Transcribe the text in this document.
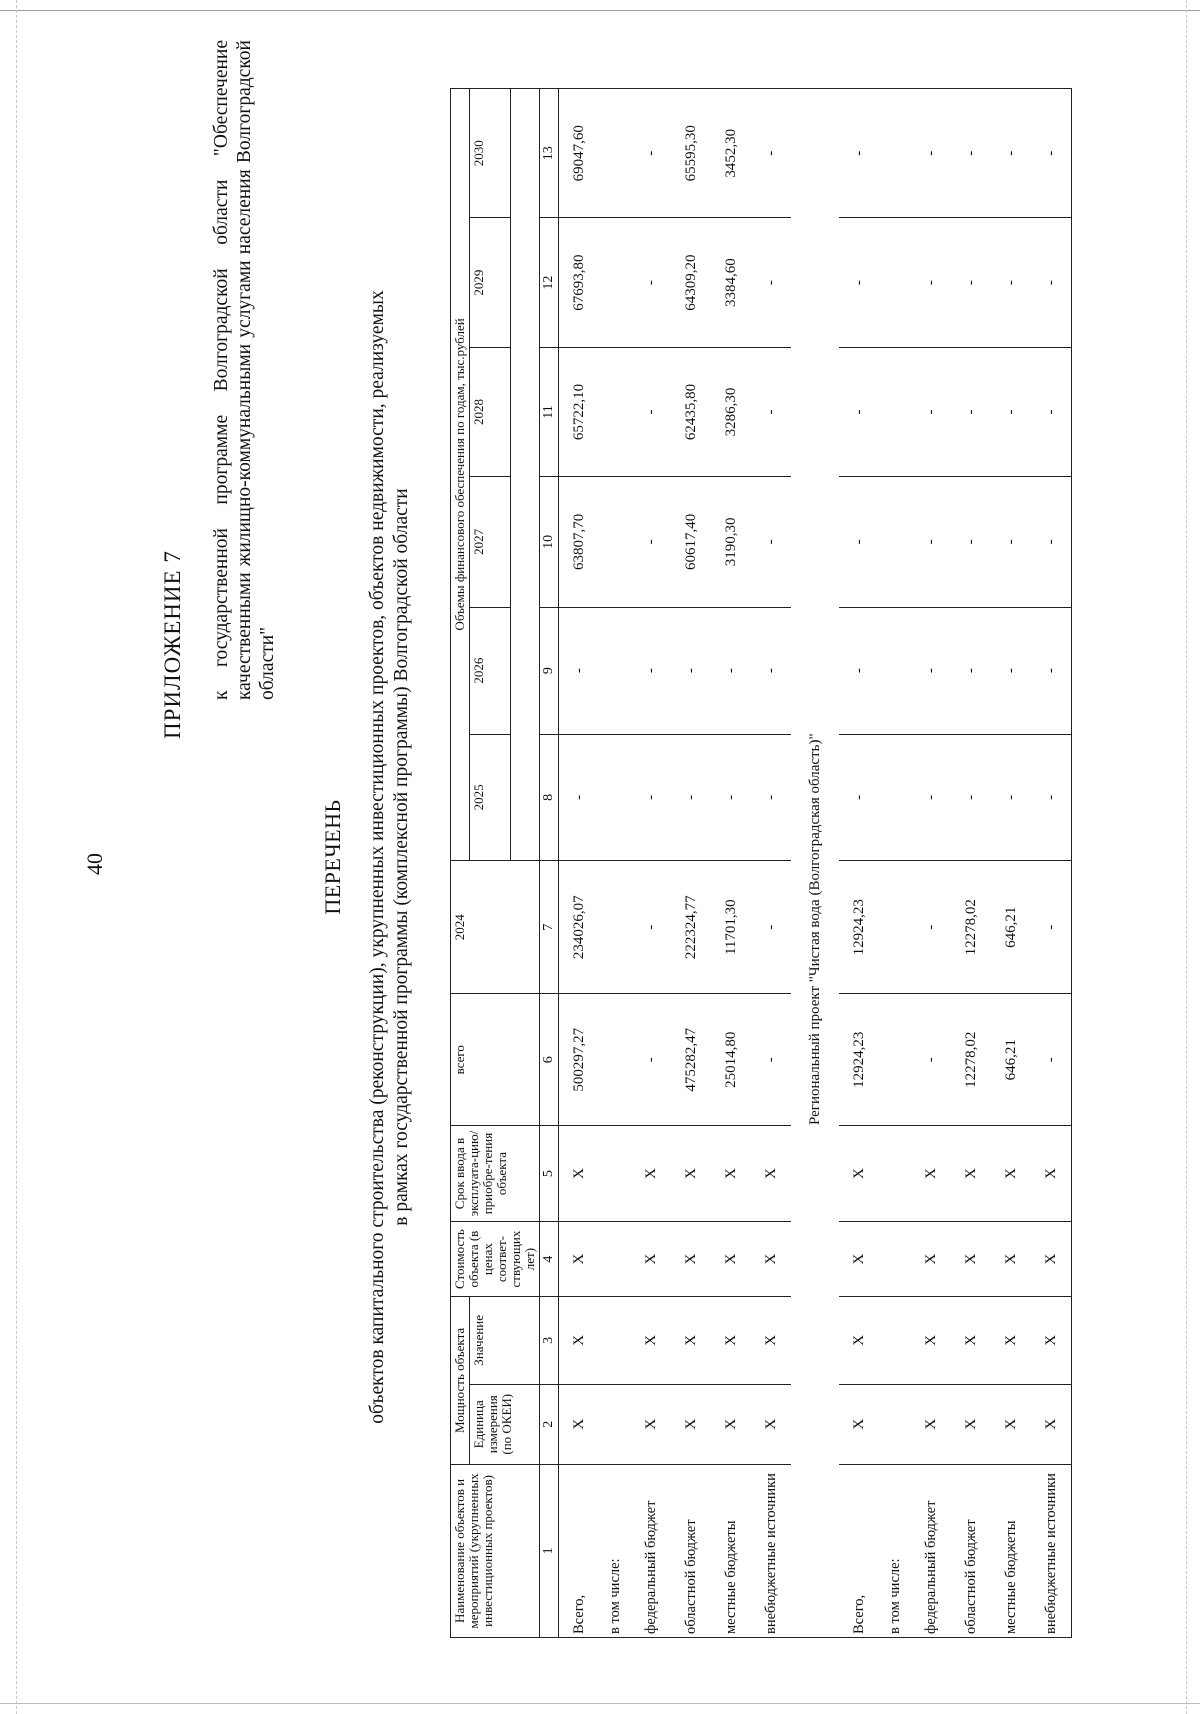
40
ПРИЛОЖЕНИЕ 7 к государственной программе Волгоградской области "Обеспечение качественными жилищно-коммунальными услугами населения Волгоградской области"
ПЕРЕЧЕНЬ объектов капитального строительства (реконструкции), укрупненных инвестиционных проектов, объектов недвижимости, реализуемых в рамках государственной программы (комплексной программы) Волгоградской области
Наименование объектов и мероприятий (укрупненных инвестиционных проектов)	Мощность объекта		Стоимость объекта (в ценах соответ-ствующих лет)	Срок ввода в эксплуата-цию/приобре-тения объекта	всего	2024	Объемы финансового обеспечения по годам, тыс.рублей					
	Единица измерения (по ОКЕИ)	Значение					2025	2026	2027	2028	2029	2030

1	2	3	4	5	6	7	8	9	10	11	12	13
Всего,	X	X	X	X	500297,27	234026,07	-	-	63807,70	65722,10	67693,80	69047,60
в том числе:												
федеральный бюджет	X	X	X	X	-	-	-	-	-	-	-	-
областной бюджет	X	X	X	X	475282,47	222324,77	-	-	60617,40	62435,80	64309,20	65595,30
местные бюджеты	X	X	X	X	25014,80	11701,30	-	-	3190,30	3286,30	3384,60	3452,30
внебюджетные источники	X	X	X	X	-	-	-	-	-	-	-	-
Региональный проект "Чистая вода (Волгоградская область)"												
Всего,	X	X	X	X	12924,23	12924,23	-	-	-	-	-	-
в том числе:												
федеральный бюджет	X	X	X	X	-	-	-	-	-	-	-	-
областной бюджет	X	X	X	X	12278,02	12278,02	-	-	-	-	-	-
местные бюджеты	X	X	X	X	646,21	646,21	-	-	-	-	-	-
внебюджетные источники	X	X	X	X	-	-	-	-	-	-	-	-
